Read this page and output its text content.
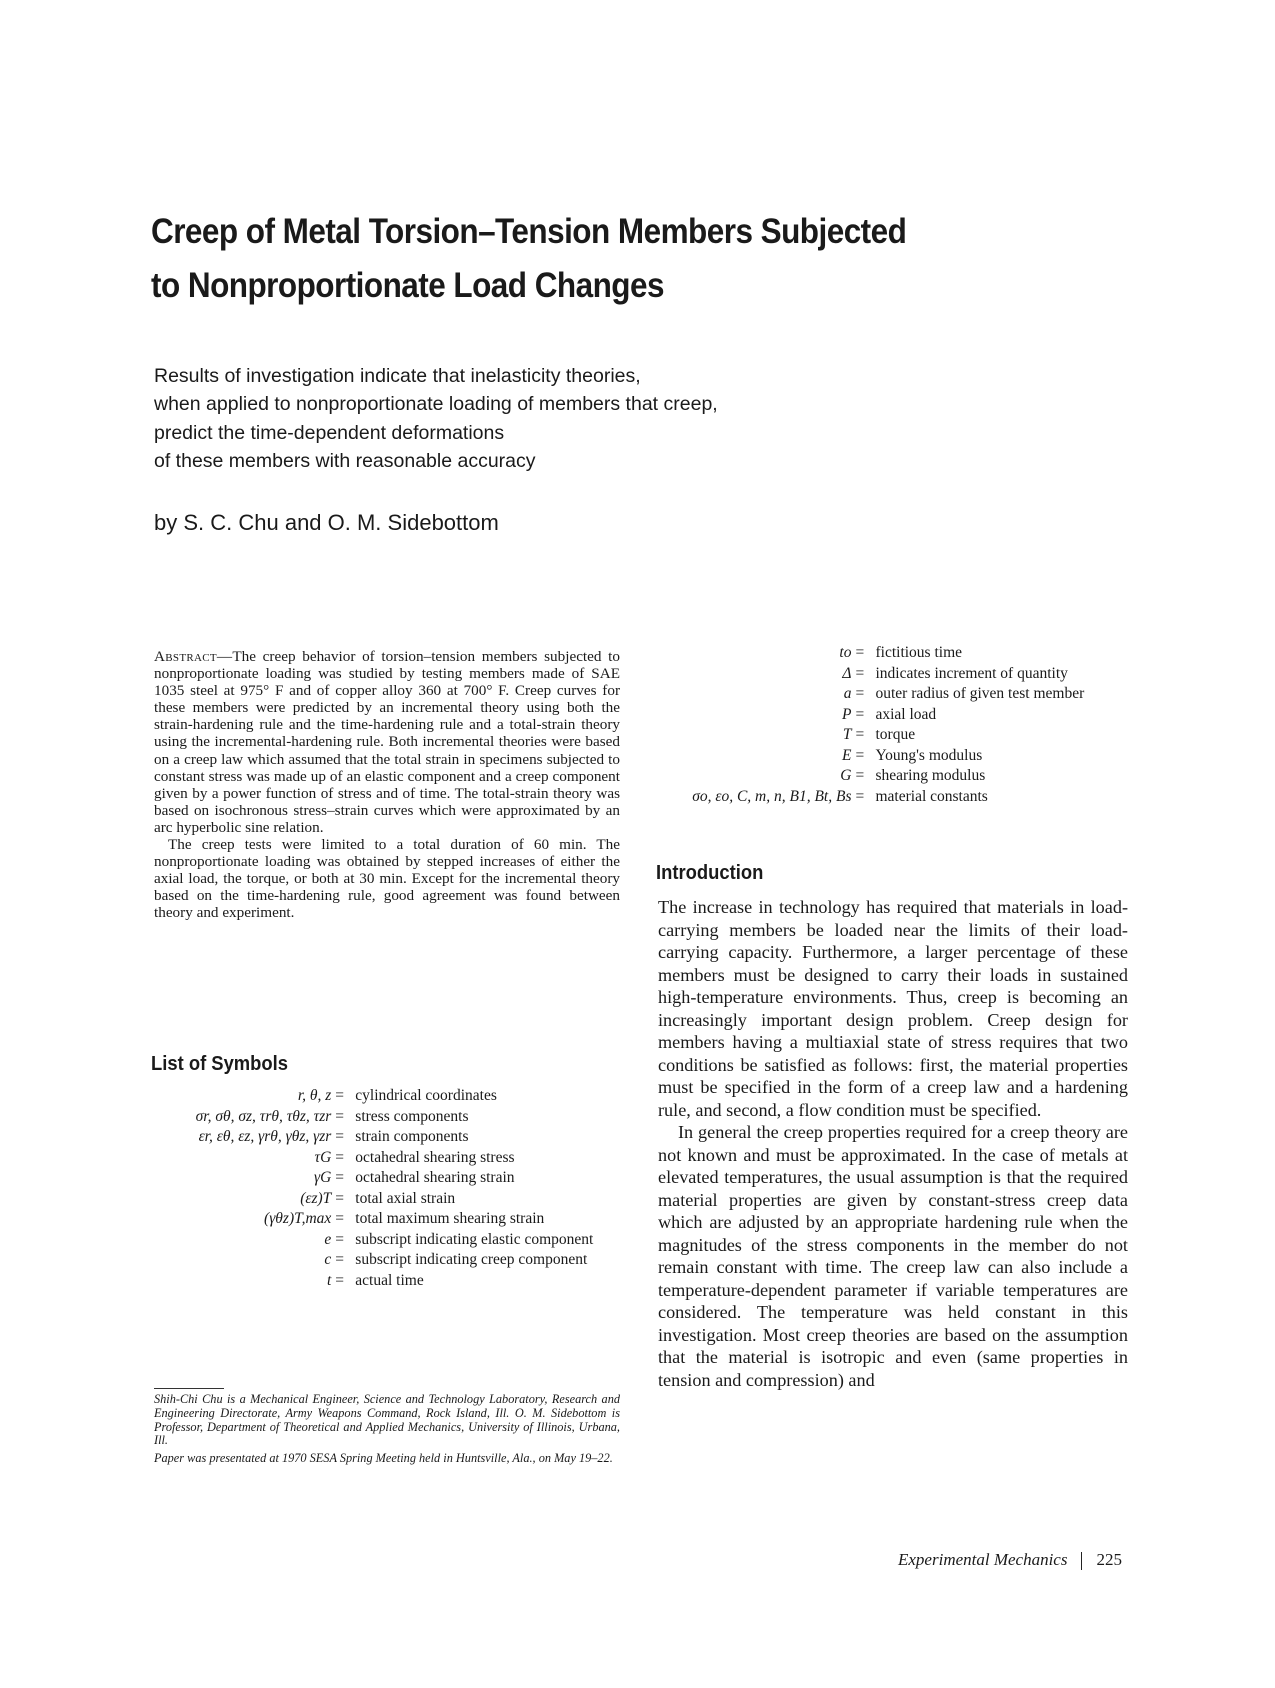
Creep of Metal Torsion–Tension Members Subjected
to Nonproportionate Load Changes
Results of investigation indicate that inelasticity theories,
when applied to nonproportionate loading of members that creep,
predict the time-dependent deformations
of these members with reasonable accuracy
by S. C. Chu and O. M. Sidebottom

Abstract—The creep behavior of torsion–tension members subjected to nonproportionate loading was studied by testing members made of SAE 1035 steel at 975° F and of copper alloy 360 at 700° F. Creep curves for these members were predicted by an incremental theory using both the strain-hardening rule and the time-hardening rule and a total-strain theory using the incremental-hardening rule. Both incremental theories were based on a creep law which assumed that the total strain in specimens subjected to constant stress was made up of an elastic component and a creep component given by a power function of stress and of time. The total-strain theory was based on isochronous stress–strain curves which were approximated by an arc hyperbolic sine relation.

The creep tests were limited to a total duration of 60 min. The nonproportionate loading was obtained by stepped increases of either the axial load, the torque, or both at 30 min. Except for the incremental theory based on the time-hardening rule, good agreement was found between theory and experiment.

List of Symbols
r, θ, z	=	cylindrical coordinates
σr, σθ, σz, τrθ, τθz, τzr	=	stress components
εr, εθ, εz, γrθ, γθz, γzr	=	strain components
τG	=	octahedral shearing stress
γG	=	octahedral shearing strain
(εz)T	=	total axial strain
(γθz)T,max	=	total maximum shearing strain
e	=	subscript indicating elastic component
c	=	subscript indicating creep component
t	=	actual time
to	=	fictitious time
Δ	=	indicates increment of quantity
a	=	outer radius of given test member
P	=	axial load
T	=	torque
E	=	Young's modulus
G	=	shearing modulus
σo, εo, C, m, n, B1, Bt, Bs	=	material constants

Shih-Chi Chu is a Mechanical Engineer, Science and Technology Laboratory, Research and Engineering Directorate, Army Weapons Command, Rock Island, Ill. O. M. Sidebottom is Professor, Department of Theoretical and Applied Mechanics, University of Illinois, Urbana, Ill.

Paper was presentated at 1970 SESA Spring Meeting held in Huntsville, Ala., on May 19–22.

Introduction

The increase in technology has required that materials in load-carrying members be loaded near the limits of their load-carrying capacity. Furthermore, a larger percentage of these members must be designed to carry their loads in sustained high-temperature environments. Thus, creep is becoming an increasingly important design problem. Creep design for members having a multiaxial state of stress requires that two conditions be satisfied as follows: first, the material properties must be specified in the form of a creep law and a hardening rule, and second, a flow condition must be specified.

In general the creep properties required for a creep theory are not known and must be approximated. In the case of metals at elevated temperatures, the usual assumption is that the required material properties are given by constant-stress creep data which are adjusted by an appropriate hardening rule when the magnitudes of the stress components in the member do not remain constant with time. The creep law can also include a temperature-dependent parameter if variable temperatures are considered. The temperature was held constant in this investigation. Most creep theories are based on the assumption that the material is isotropic and even (same properties in tension and compression) and

Experimental Mechanics 225
